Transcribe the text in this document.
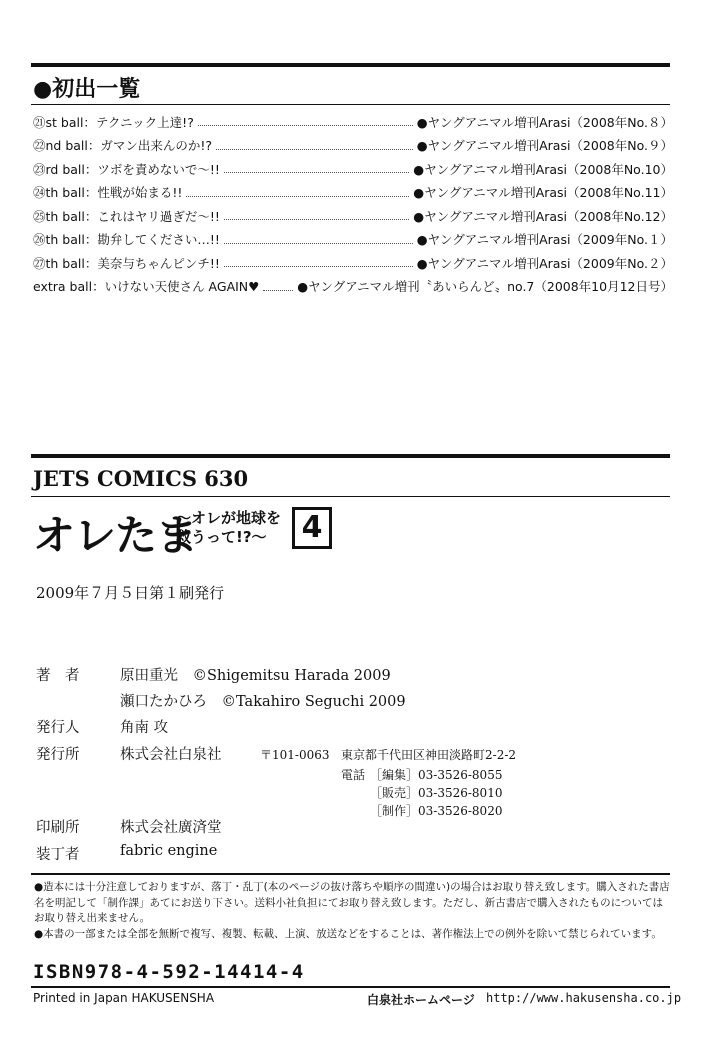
●初出一覧
㉑st ball：テクニック上達!?	●ヤングアニマル増刊Arasi（2008年No.８）
㉒nd ball：ガマン出来んのか!?	●ヤングアニマル増刊Arasi（2008年No.９）
㉓rd ball：ツボを責めないで〜!!	●ヤングアニマル増刊Arasi（2008年No.10）
㉔th ball：性戦が始まる!!	●ヤングアニマル増刊Arasi（2008年No.11）
㉕th ball：これはヤリ過ぎだ〜!!	●ヤングアニマル増刊Arasi（2008年No.12）
㉖th ball：勘弁してください…!!	●ヤングアニマル増刊Arasi（2009年No.１）
㉗th ball：美奈与ちゃんピンチ!!	●ヤングアニマル増刊Arasi（2009年No.２）
extra ball：いけない天使さん AGAIN♥	●ヤングアニマル増刊〝あいらんど〟no.7（2008年10月12日号）
JETS COMICS 630
オレたま
〜オレが地球を
救うって!?〜	4
2009年７月５日第１刷発行
著　者	原田重光　©Shigemitsu Harada 2009
瀬口たかひろ　©Takahiro Seguchi 2009
発行人	角南 攻
発行所	株式会社白泉社	〒101-0063 東京都千代田区神田淡路町2-2-2
電話 ［編集］03-3526-8055
［販売］03-3526-8010
［制作］03-3526-8020
印刷所	株式会社廣済堂
装丁者	fabric engine
●造本には十分注意しておりますが、落丁・乱丁(本のページの抜け落ちや順序の間違い)の場合はお取り替え致します。購入された書店名を明記して「制作課」あてにお送り下さい。送料小社負担にてお取り替え致します。ただし、新古書店で購入されたものについてはお取り替え出来ません。
●本書の一部または全部を無断で複写、複製、転載、上演、放送などをすることは、著作権法上での例外を除いて禁じられています。
ISBN978-4-592-14414-4
Printed in Japan HAKUSENSHA	白泉社ホームページ http://www.hakusensha.co.jp
